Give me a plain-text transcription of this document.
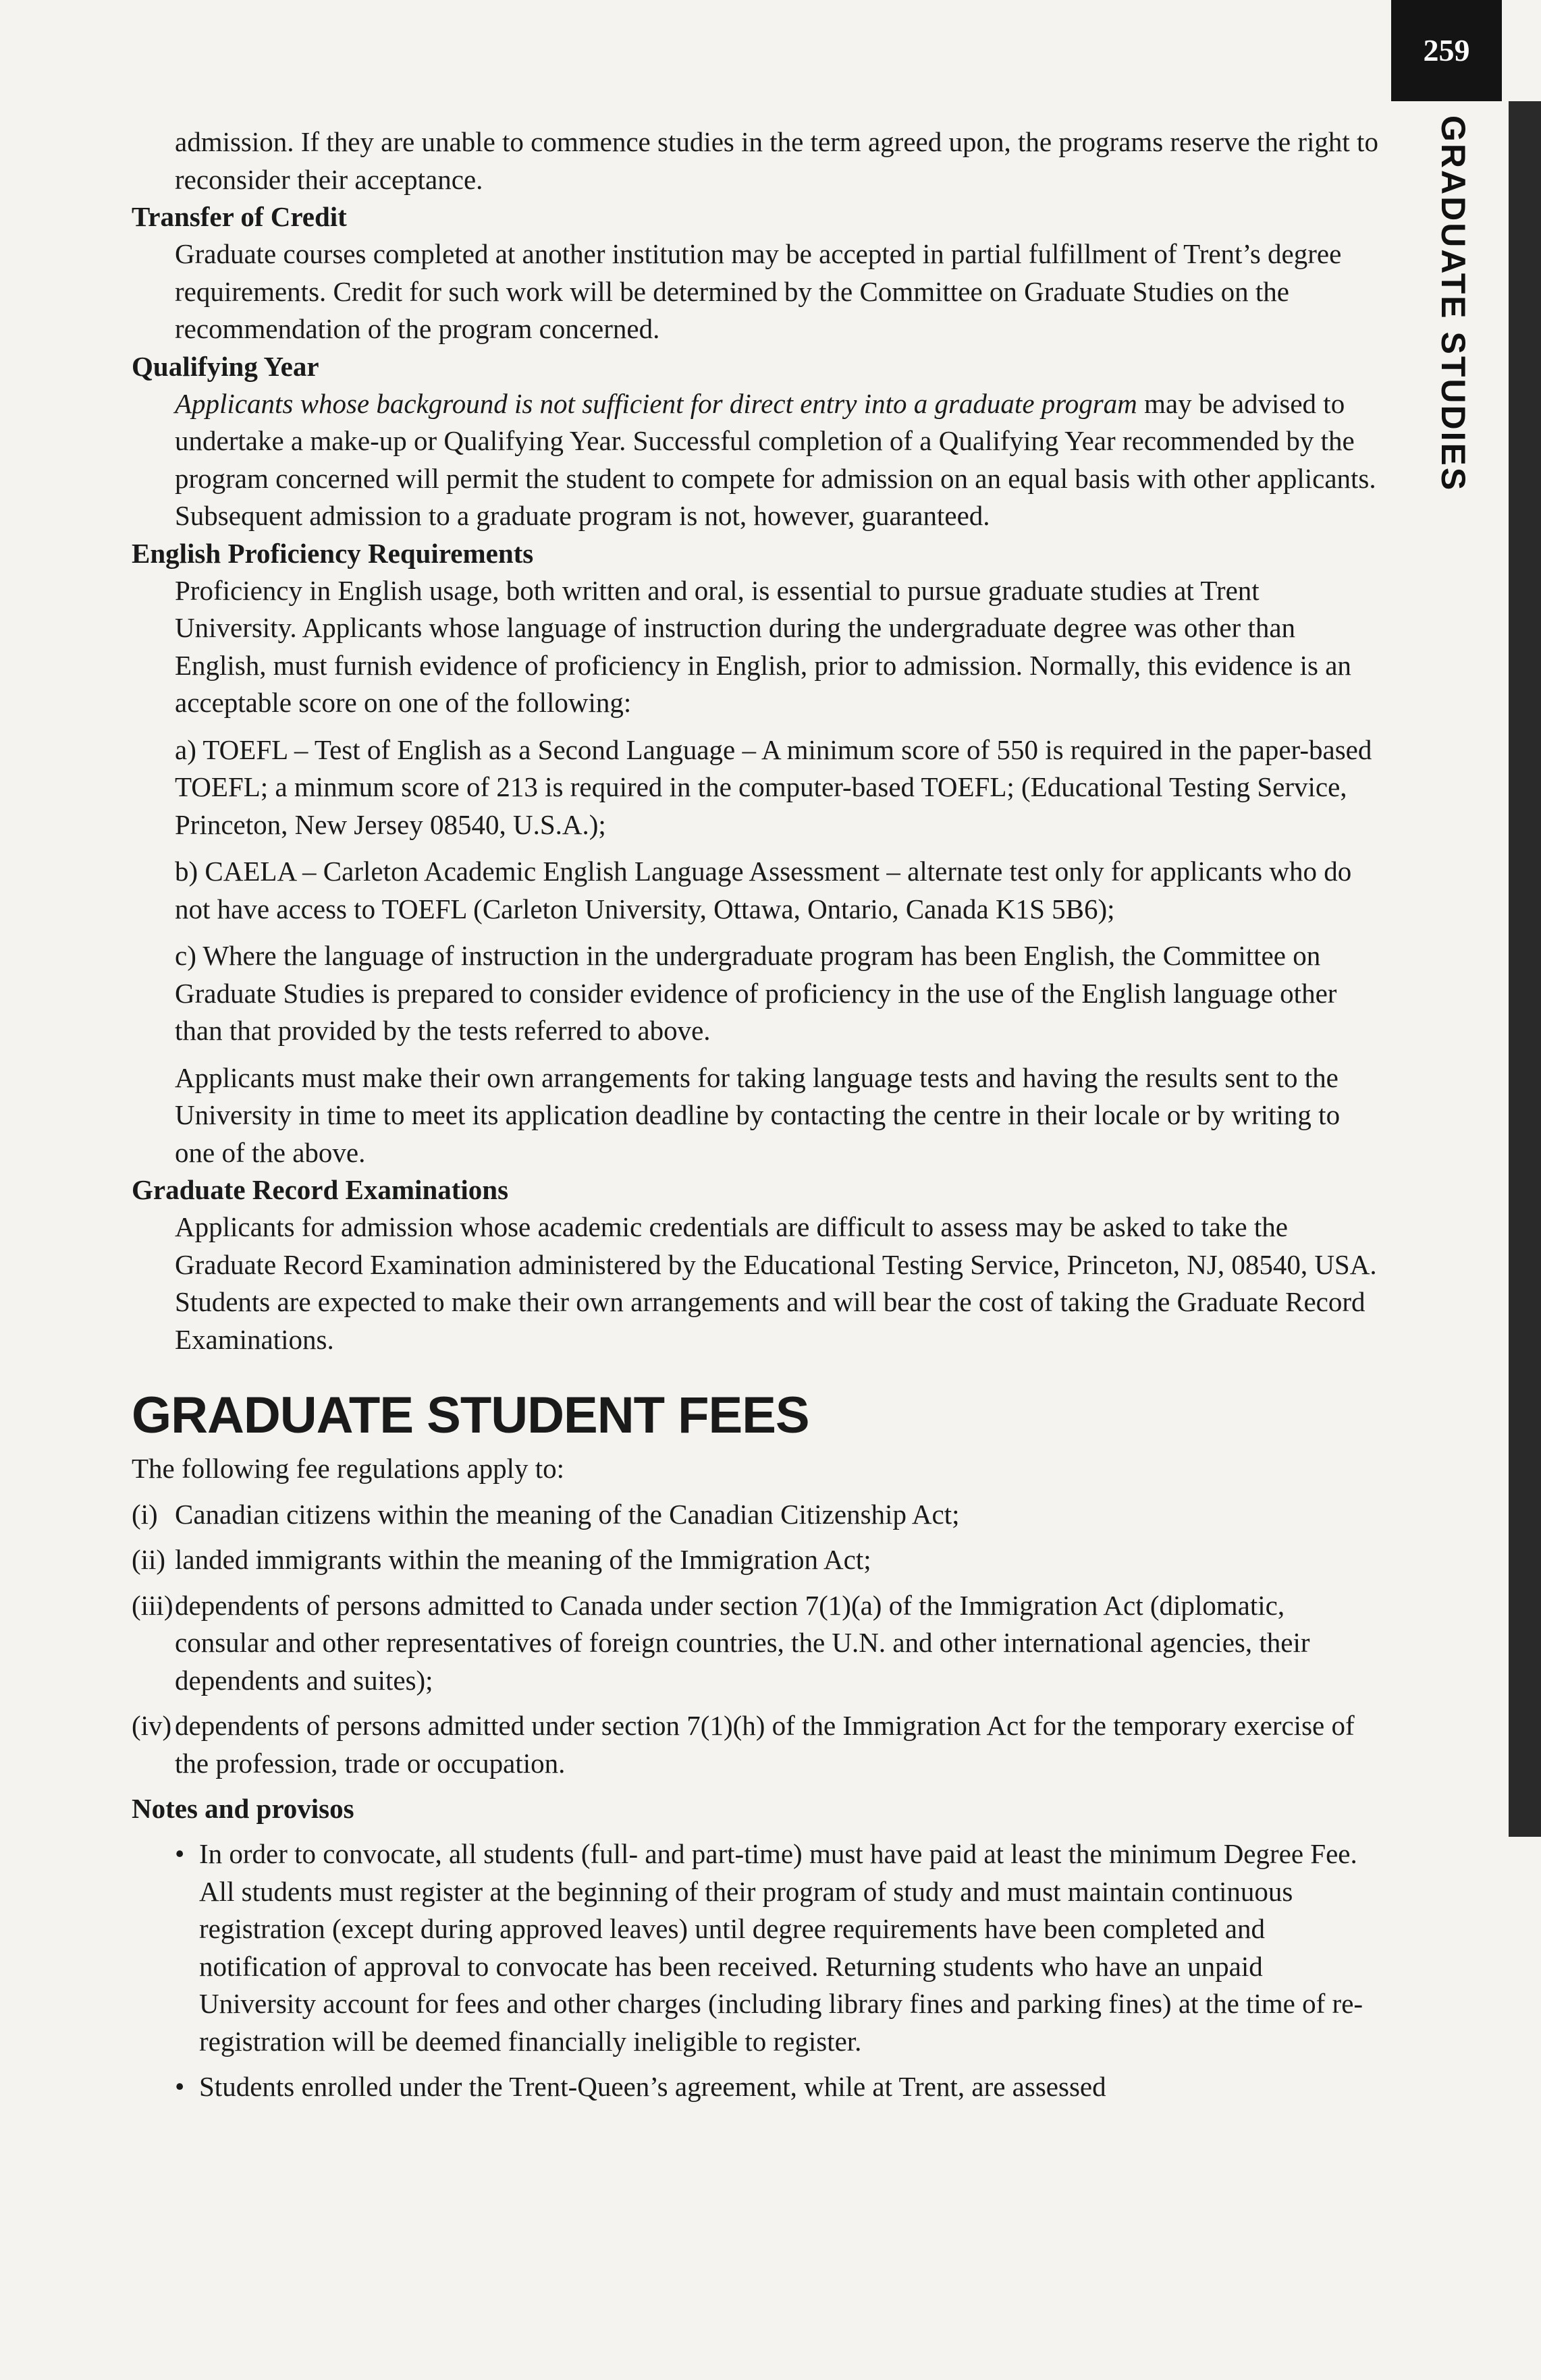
259
GRADUATE STUDIES

admission. If they are unable to commence studies in the term agreed upon, the programs reserve the right to reconsider their acceptance.

Transfer of Credit

Graduate courses completed at another institution may be accepted in partial fulfillment of Trent’s degree requirements. Credit for such work will be determined by the Committee on Graduate Studies on the recommendation of the program concerned.

Qualifying Year

Applicants whose background is not sufficient for direct entry into a graduate program may be advised to undertake a make-up or Qualifying Year. Successful completion of a Qualifying Year recommended by the program concerned will permit the student to compete for admission on an equal basis with other applicants. Subsequent admission to a graduate program is not, however, guaranteed.

English Proficiency Requirements

Proficiency in English usage, both written and oral, is essential to pursue graduate studies at Trent University. Applicants whose language of instruction during the undergraduate degree was other than English, must furnish evidence of proficiency in English, prior to admission. Normally, this evidence is an acceptable score on one of the following:

a) TOEFL – Test of English as a Second Language – A minimum score of 550 is required in the paper-based TOEFL; a minmum score of 213 is required in the computer-based TOEFL; (Educational Testing Service, Princeton, New Jersey 08540, U.S.A.);

b) CAELA – Carleton Academic English Language Assessment – alternate test only for applicants who do not have access to TOEFL (Carleton University, Ottawa, Ontario, Canada K1S 5B6);

c) Where the language of instruction in the undergraduate program has been English, the Committee on Graduate Studies is prepared to consider evidence of proficiency in the use of the English language other than that provided by the tests referred to above.

Applicants must make their own arrangements for taking language tests and having the results sent to the University in time to meet its application deadline by contacting the centre in their locale or by writing to one of the above.

Graduate Record Examinations

Applicants for admission whose academic credentials are difficult to assess may be asked to take the Graduate Record Examination administered by the Educational Testing Service, Princeton, NJ, 08540, USA. Students are expected to make their own arrangements and will bear the cost of taking the Graduate Record Examinations.

GRADUATE STUDENT FEES

The following fee regulations apply to:

(i) Canadian citizens within the meaning of the Canadian Citizenship Act;
(ii) landed immigrants within the meaning of the Immigration Act;
(iii) dependents of persons admitted to Canada under section 7(1)(a) of the Immigration Act (diplomatic, consular and other representatives of foreign countries, the U.N. and other international agencies, their dependents and suites);
(iv) dependents of persons admitted under section 7(1)(h) of the Immigration Act for the temporary exercise of the profession, trade or occupation.

Notes and provisos

• In order to convocate, all students (full- and part-time) must have paid at least the minimum Degree Fee. All students must register at the beginning of their program of study and must maintain continuous registration (except during approved leaves) until degree requirements have been completed and notification of approval to convocate has been received. Returning students who have an unpaid University account for fees and other charges (including library fines and parking fines) at the time of re-registration will be deemed financially ineligible to register.
• Students enrolled under the Trent-Queen’s agreement, while at Trent, are assessed
